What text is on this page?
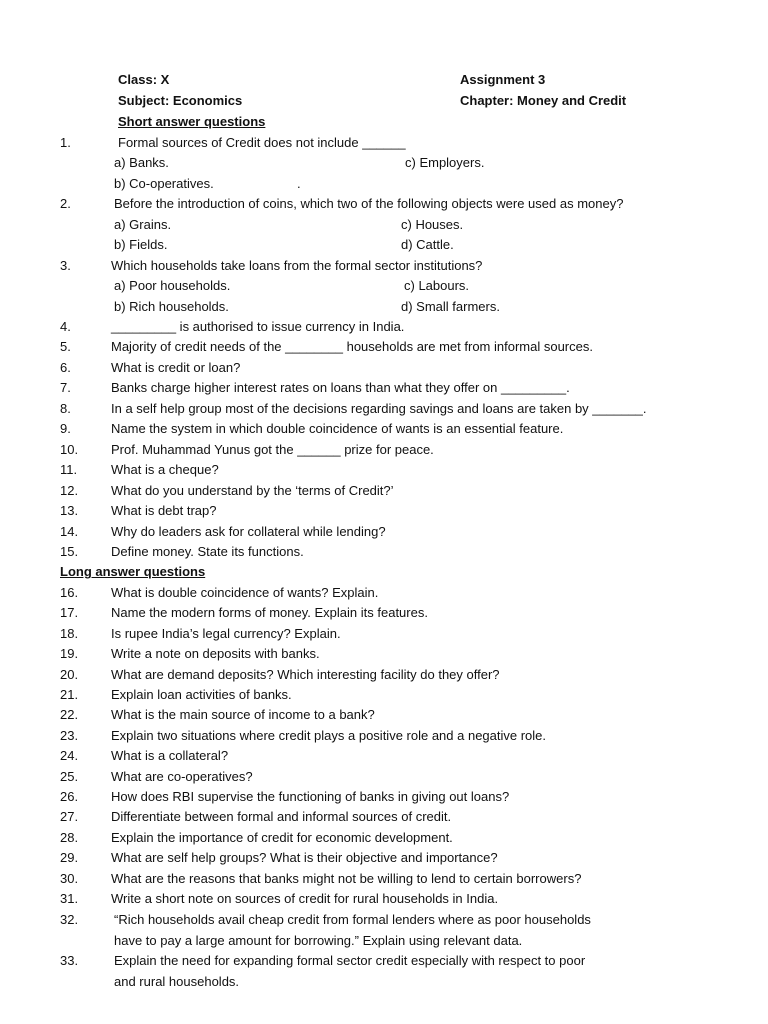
Class: X	Assignment 3
Subject: Economics	Chapter: Money and Credit
Short answer questions
1.	Formal sources of Credit does not include ______
a) Banks.	c) Employers.
b) Co-operatives.	.
2.	Before the introduction of coins, which two of the following objects were used as money?
a) Grains.	c) Houses.
b) Fields.	d) Cattle.
3.	Which households take loans from the formal sector institutions?
a) Poor households.	c) Labours.
b) Rich households.	d) Small farmers.
4.	_________ is authorised to issue currency in India.
5.	Majority of credit needs of the ________ households are met from informal sources.
6.	What is credit or loan?
7.	Banks charge higher interest rates on loans than what they offer on _________.
8.	In a self help group most of the decisions regarding savings and loans are taken by _______.
9.	Name the system in which double coincidence of wants is an essential feature.
10.	Prof. Muhammad Yunus got the ______ prize for peace.
11.	What is a cheque?
12.	What do you understand by the ‘terms of Credit?’
13.	What is debt trap?
14.	Why do leaders ask for collateral while lending?
15.	Define money. State its functions.
Long answer questions
16.	What is double coincidence of wants? Explain.
17.	Name the modern forms of money. Explain its features.
18.	Is rupee India’s legal currency? Explain.
19.	Write a note on deposits with banks.
20.	What are demand deposits? Which interesting facility do they offer?
21.	Explain loan activities of banks.
22.	What is the main source of income to a bank?
23.	Explain two situations where credit plays a positive role and a negative role.
24.	What is a collateral?
25.	What are co-operatives?
26.	How does RBI supervise the functioning of banks in giving out loans?
27.	Differentiate between formal and informal sources of credit.
28.	Explain the importance of credit for economic development.
29.	What are self help groups? What is their objective and importance?
30.	What are the reasons that banks might not be willing to lend to certain borrowers?
31.	Write a short note on sources of credit for rural households in India.
32.	“Rich households avail cheap credit from formal lenders where as poor households
have to pay a large amount for borrowing.” Explain using relevant data.
33.	Explain the need for expanding formal sector credit especially with respect to poor
and rural households.
